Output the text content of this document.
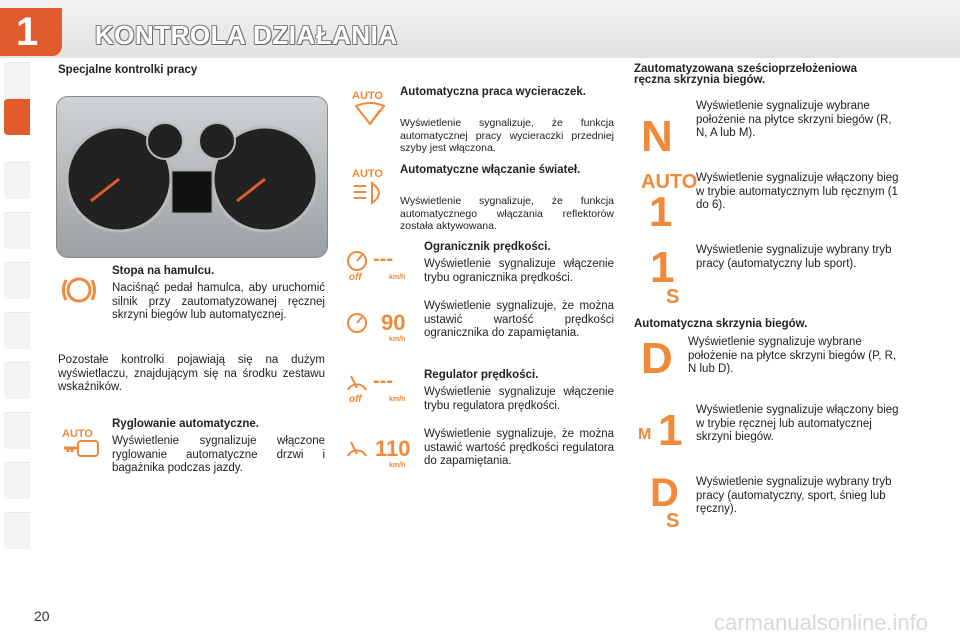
1 KONTROLA DZIAŁANIA
Specjalne kontrolki pracy
Stopa na hamulcu.
Naciśnąć pedał hamulca, aby uruchomić silnik przy zautomatyzowanej ręcznej skrzyni biegów lub automatycznej.
Pozostałe kontrolki pojawiają się na dużym wyświetlaczu, znajdującym się na środku zestawu wskaźników.
AUTO
Ryglowanie automatyczne.
Wyświetlenie sygnalizuje włączone ryglowanie automatyczne drzwi i bagażnika podczas jazdy.
AUTO	Automatyczna praca wycieraczek.
Wyświetlenie sygnalizuje, że funkcja automatycznej pracy wycieraczki przedniej szyby jest włączona.
AUTO	Automatyczne włączanie świateł.
Wyświetlenie sygnalizuje, że funkcja automatycznego włączania reflektorów została aktywowana.
---
off	km/h
90
km/h
Ogranicznik prędkości.
Wyświetlenie sygnalizuje włączenie trybu ogranicznika prędkości.
Wyświetlenie sygnalizuje, że można ustawić wartość prędkości ogranicznika do zapamiętania.
---
off	km/h
110
km/h
Regulator prędkości.
Wyświetlenie sygnalizuje włączenie trybu regulatora prędkości.
Wyświetlenie sygnalizuje, że można ustawić wartość prędkości regulatora do zapamiętania.
Zautomatyzowana sześcioprzełożeniowa ręczna skrzynia biegów.
N
Wyświetlenie sygnalizuje wybrane położenie na płytce skrzyni biegów (R, N, A lub M).
AUTO
1
Wyświetlenie sygnalizuje włączony bieg w trybie automatycznym lub ręcznym (1 do 6).
1
S
Wyświetlenie sygnalizuje wybrany tryb pracy (automatyczny lub sport).
Automatyczna skrzynia biegów.
D Wyświetlenie sygnalizuje wybrane położenie na płytce skrzyni biegów (P, R, N lub D).
M 1 Wyświetlenie sygnalizuje włączony bieg w trybie ręcznej lub automatycznej skrzyni biegów.
D
S
Wyświetlenie sygnalizuje wybrany tryb pracy (automatyczny, sport, śnieg lub ręczny).
20	carmanualsonline.info
